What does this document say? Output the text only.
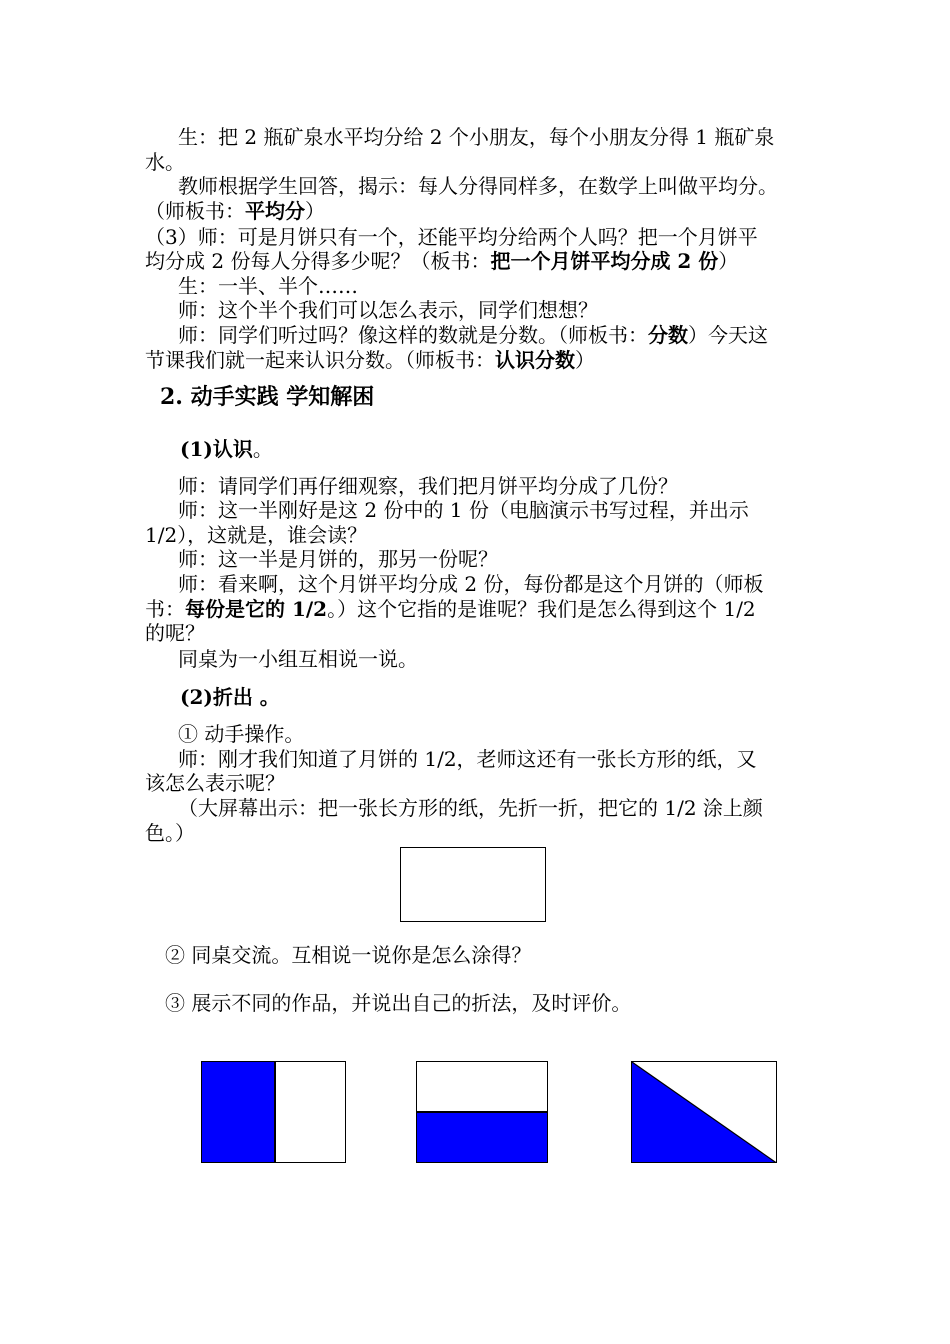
生：把 2 瓶矿泉水平均分给 2 个小朋友，每个小朋友分得 1 瓶矿泉
水。
教师根据学生回答，揭示：每人分得同样多，在数学上叫做平均分。
（师板书：平均分）
（3）师：可是月饼只有一个，还能平均分给两个人吗？把一个月饼平
均分成 2 份每人分得多少呢？（板书：把一个月饼平均分成 2 份）
生：一半、半个……
师：这个半个我们可以怎么表示，同学们想想？
师：同学们听过吗？像这样的数就是分数。（师板书：分数）今天这
节课我们就一起来认识分数。（师板书：认识分数）
2. 动手实践 学知解困
(1)认识。
师：请同学们再仔细观察，我们把月饼平均分成了几份？
师：这一半刚好是这 2 份中的 1 份（电脑演示书写过程，并出示
1/2），这就是，谁会读？
师：这一半是月饼的，那另一份呢？
师：看来啊，这个月饼平均分成 2 份，每份都是这个月饼的（师板
书：每份是它的 1/2。）这个它指的是谁呢？我们是怎么得到这个 1/2
的呢？
同桌为一小组互相说一说。
(2)折出 。
① 动手操作。
师：刚才我们知道了月饼的 1/2，老师这还有一张长方形的纸，又
该怎么表示呢？
（大屏幕出示：把一张长方形的纸，先折一折，把它的 1/2 涂上颜
色。）
② 同桌交流。互相说一说你是怎么涂得？
③ 展示不同的作品，并说出自己的折法，及时评价。
